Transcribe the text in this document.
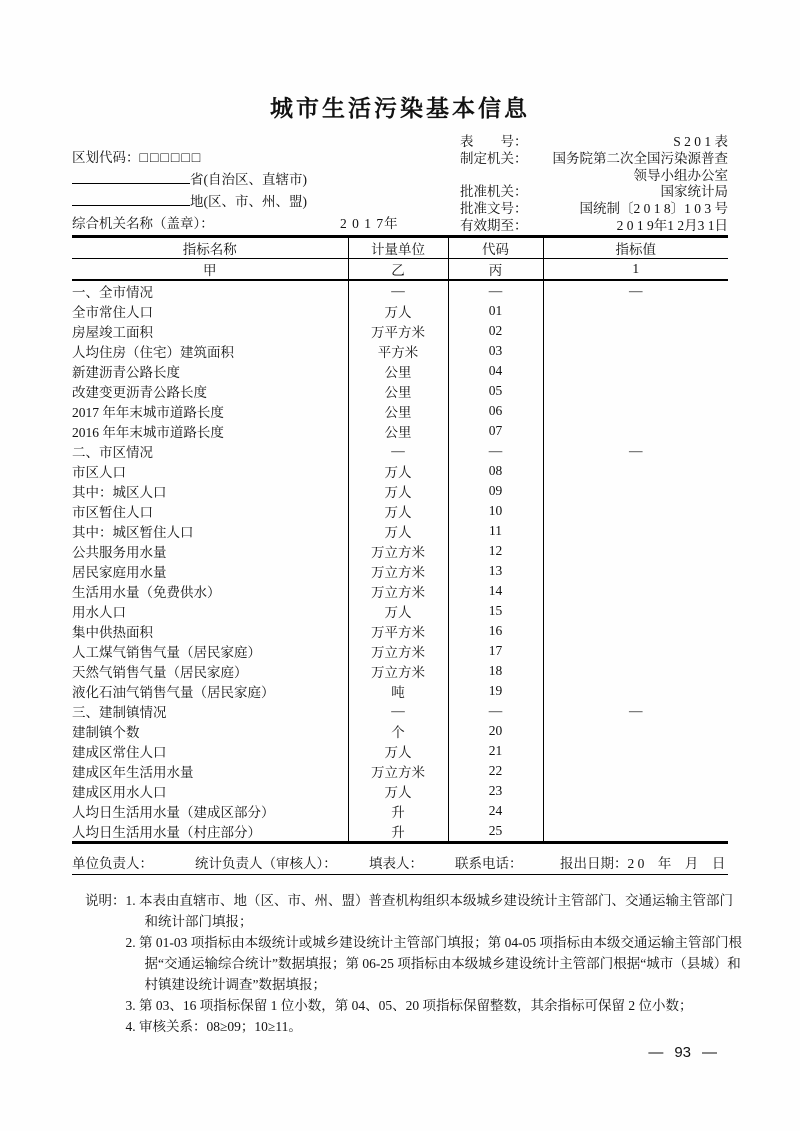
城市生活污染基本信息
区划代码：□□□□□□
省(自治区、直辖市)
地(区、市、州、盟)
综合机关名称（盖章）：	2 0 1 7年
表　　号：	S 2 0 1 表
制定机关：	国务院第二次全国污染源普查
领导小组办公室
批准机关：	国家统计局
批准文号：	国统制〔2 0 1 8〕1 0 3 号
有效期至：	2 0 1 9年1 2月3 1日
指标名称	计量单位	代码	指标值
甲	乙	丙	1
一、全市情况	—	—	—
全市常住人口	万人	01	
房屋竣工面积	万平方米	02	
人均住房（住宅）建筑面积	平方米	03	
新建沥青公路长度	公里	04	
改建变更沥青公路长度	公里	05	
2017 年年末城市道路长度	公里	06	
2016 年年末城市道路长度	公里	07	
二、市区情况	—	—	—
市区人口	万人	08	
其中：城区人口	万人	09	
市区暂住人口	万人	10	
其中：城区暂住人口	万人	11	
公共服务用水量	万立方米	12	
居民家庭用水量	万立方米	13	
生活用水量（免费供水）	万立方米	14	
用水人口	万人	15	
集中供热面积	万平方米	16	
人工煤气销售气量（居民家庭）	万立方米	17	
天然气销售气量（居民家庭）	万立方米	18	
液化石油气销售气量（居民家庭）	吨	19	
三、建制镇情况	—	—	—
建制镇个数	个	20	
建成区常住人口	万人	21	
建成区年生活用水量	万立方米	22	
建成区用水人口	万人	23	
人均日生活用水量（建成区部分）	升	24	
人均日生活用水量（村庄部分）	升	25	
单位负责人：	统计负责人（审核人）： 填表人： 联系电话：	报出日期：2 0　年　月　日
说明： 1. 本表由直辖市、地（区、市、州、盟）普查机构组织本级城乡建设统计主管部门、交通运输主管部门和统计部门填报；
2. 第 01-03 项指标由本级统计或城乡建设统计主管部门填报；第 04-05 项指标由本级交通运输主管部门根据“交通运输综合统计”数据填报；第 06-25 项指标由本级城乡建设统计主管部门根据“城市（县城）和村镇建设统计调查”数据填报；
3. 第 03、16 项指标保留 1 位小数，第 04、05、20 项指标保留整数，其余指标可保留 2 位小数；
4. 审核关系：08≥09；10≥11。
— 93 —
